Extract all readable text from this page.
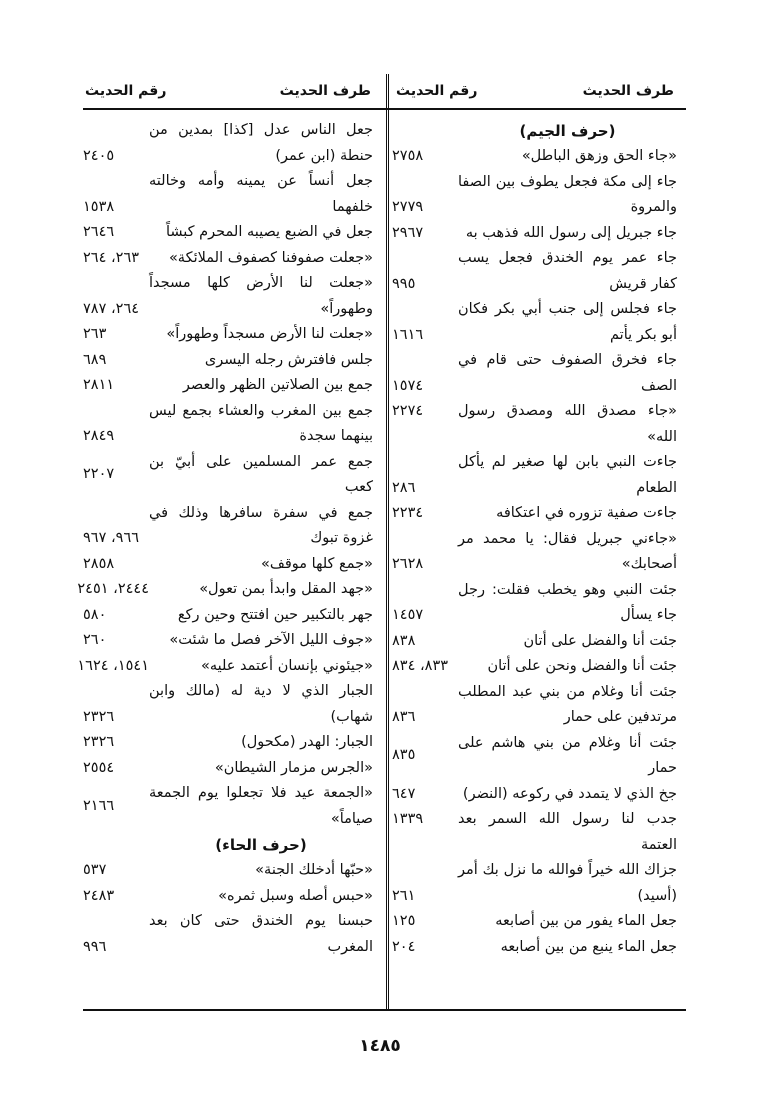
طرف الحديث
رقم الحديث
طرف الحديث
رقم الحديث
(حرف الجيم)
«جاء الحق وزهق الباطل»
٢٧٥٨
جاء إلى مكة فجعل يطوف بين الصفا والمروة
٢٧٧٩
جاء جبريل إلى رسول الله فذهب به
٢٩٦٧
جاء عمر يوم الخندق فجعل يسب كفار قريش
٩٩٥
جاء فجلس إلى جنب أبي بكر فكان أبو بكر يأتم
١٦١٦
جاء فخرق الصفوف حتى قام في الصف
١٥٧٤
«جاء مصدق الله ومصدق رسول الله»
٢٢٧٤
جاءت النبي بابن لها صغير لم يأكل الطعام
٢٨٦
جاءت صفية تزوره في اعتكافه
٢٢٣٤
«جاءني جبريل فقال: يا محمد مر أصحابك»
٢٦٢٨
جئت النبي وهو يخطب فقلت: رجل جاء يسأل
١٤٥٧
جئت أنا والفضل على أتان
٨٣٨
جئت أنا والفضل ونحن على أتان
٨٣٣، ٨٣٤
جئت أنا وغلام من بني عبد المطلب مرتدفين على حمار
٨٣٦
جئت أنا وغلام من بني هاشم على حمار
٨٣٥
جخ الذي لا يتمدد في ركوعه (النضر)
٦٤٧
جدب لنا رسول الله السمر بعد العتمة
١٣٣٩
جزاك الله خيراً فوالله ما نزل بك أمر (أسيد)
٢٦١
جعل الماء يفور من بين أصابعه
١٢٥
جعل الماء ينبع من بين أصابعه
٢٠٤
جعل الناس عدل [كذا] بمدين من حنطة (ابن عمر)
٢٤٠٥
جعل أنساً عن يمينه وأمه وخالته خلفهما
١٥٣٨
جعل في الضبع يصيبه المحرم كبشاً
٢٦٤٦
«جعلت صفوفنا كصفوف الملائكة»
٢٦٣، ٢٦٤
«جعلت لنا الأرض كلها مسجداً وطهوراً»
٢٦٤، ٧٨٧
«جعلت لنا الأرض مسجداً وطهوراً»
٢٦٣
جلس فافترش رجله اليسرى
٦٨٩
جمع بين الصلاتين الظهر والعصر
٢٨١١
جمع بين المغرب والعشاء بجمع ليس بينهما سجدة
٢٨٤٩
جمع عمر المسلمين على أبيّ بن كعب
٢٢٠٧
جمع في سفرة سافرها وذلك في غزوة تبوك
٩٦٦، ٩٦٧
«جمع كلها موقف»
٢٨٥٨
«جهد المقل وابدأ بمن تعول»
٢٤٤٤، ٢٤٥١
جهر بالتكبير حين افتتح وحين ركع
٥٨٠
«جوف الليل الآخر فصل ما شئت»
٢٦٠
«جيئوني بإنسان أعتمد عليه»
١٥٤١، ١٦٢٤
الجبار الذي لا دية له (مالك وابن شهاب)
٢٣٢٦
الجبار: الهدر (مكحول)
٢٣٢٦
«الجرس مزمار الشيطان»
٢٥٥٤
«الجمعة عيد فلا تجعلوا يوم الجمعة صياماً»
٢١٦٦
(حرف الحاء)
«حبّها أدخلك الجنة»
٥٣٧
«حبس أصله وسبل ثمره»
٢٤٨٣
حبسنا يوم الخندق حتى كان بعد المغرب
٩٩٦
١٤٨٥
